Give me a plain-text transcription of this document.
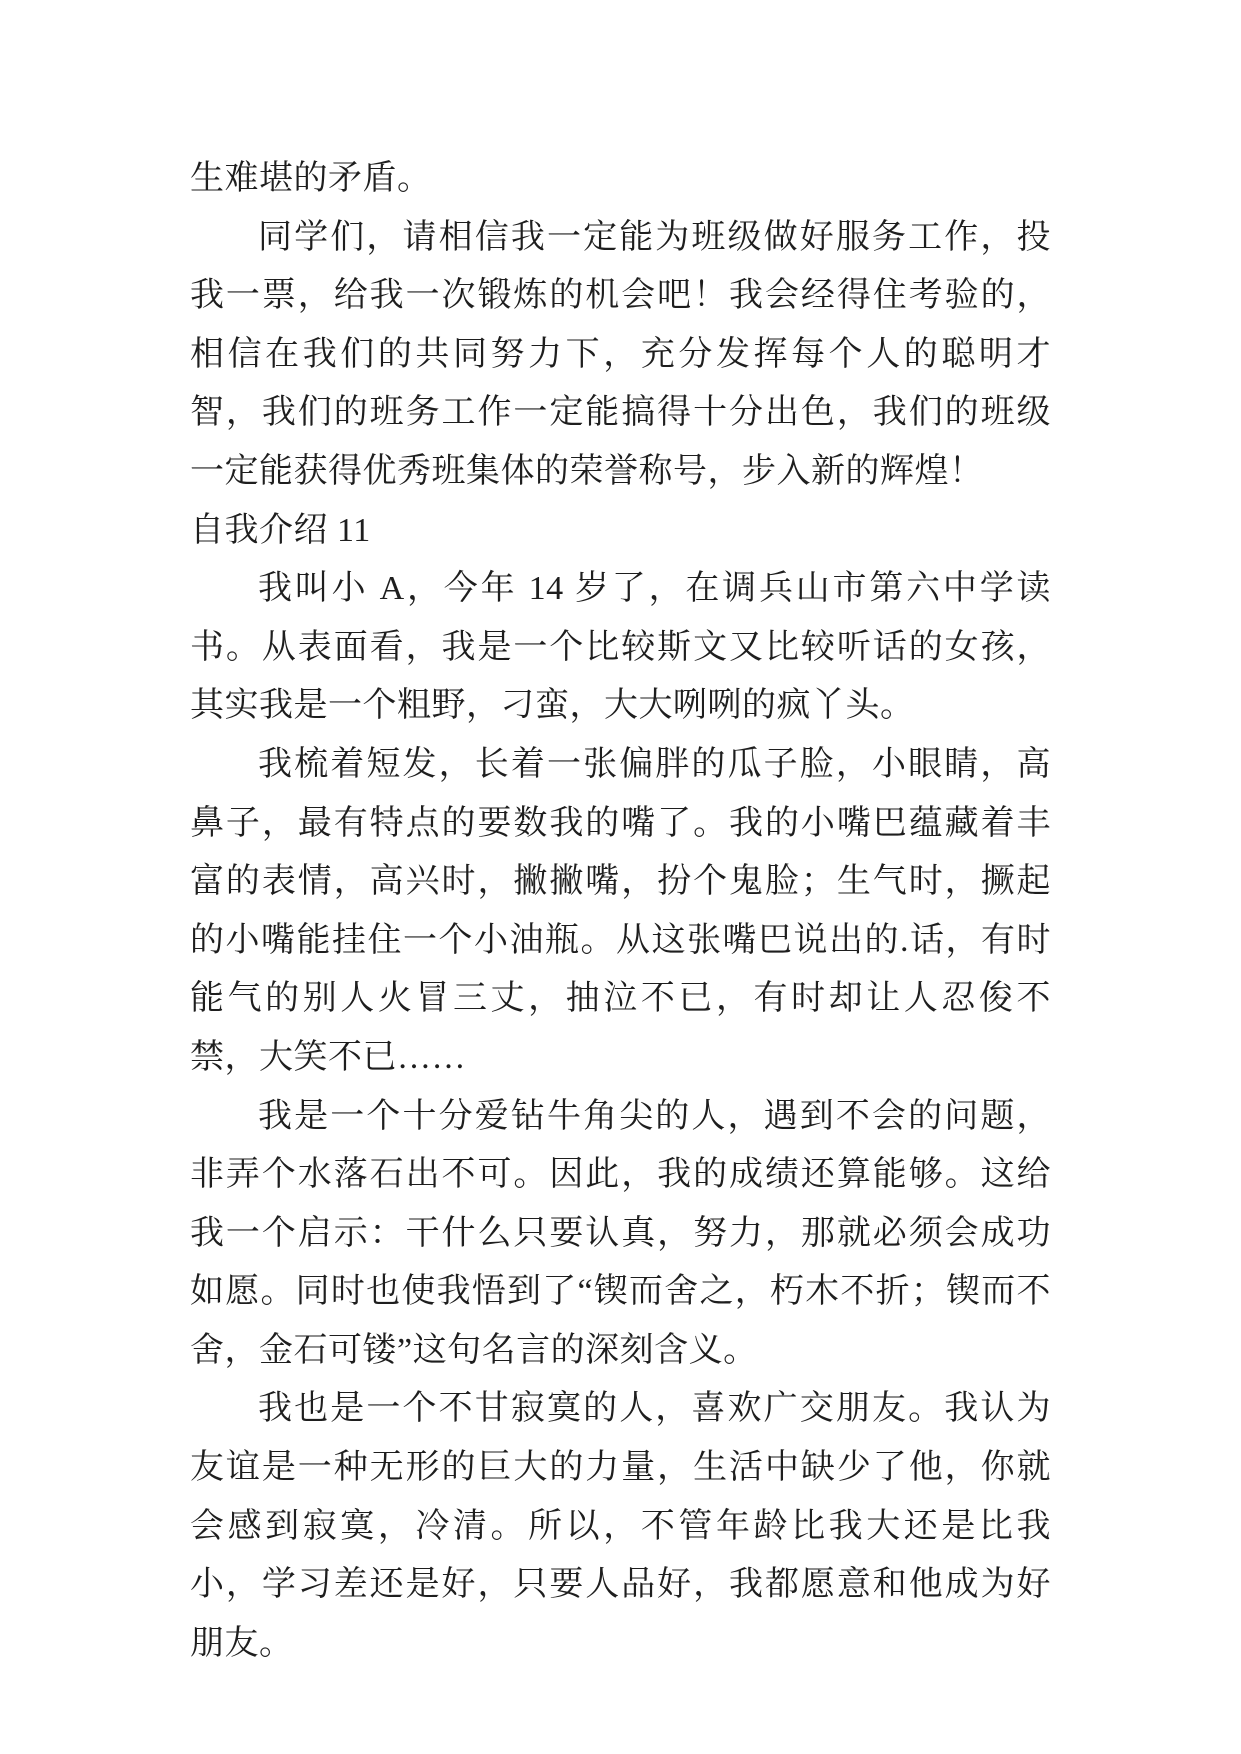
生难堪的矛盾。

同学们，请相信我一定能为班级做好服务工作，投我一票，给我一次锻炼的机会吧！我会经得住考验的，相信在我们的共同努力下，充分发挥每个人的聪明才智，我们的班务工作一定能搞得十分出色，我们的班级一定能获得优秀班集体的荣誉称号，步入新的辉煌！

自我介绍 11

我叫小 A，今年 14 岁了，在调兵山市第六中学读书。从表面看，我是一个比较斯文又比较听话的女孩，其实我是一个粗野，刁蛮，大大咧咧的疯丫头。

我梳着短发，长着一张偏胖的瓜子脸，小眼睛，高鼻子，最有特点的要数我的嘴了。我的小嘴巴蕴藏着丰富的表情，高兴时，撇撇嘴，扮个鬼脸；生气时，撅起的小嘴能挂住一个小油瓶。从这张嘴巴说出的.话，有时能气的别人火冒三丈，抽泣不已，有时却让人忍俊不禁，大笑不已……

我是一个十分爱钻牛角尖的人，遇到不会的问题，非弄个水落石出不可。因此，我的成绩还算能够。这给我一个启示：干什么只要认真，努力，那就必须会成功如愿。同时也使我悟到了“锲而舍之，朽木不折；锲而不舍，金石可镂”这句名言的深刻含义。

我也是一个不甘寂寞的人，喜欢广交朋友。我认为友谊是一种无形的巨大的力量，生活中缺少了他，你就会感到寂寞，冷清。所以，不管年龄比我大还是比我小，学习差还是好，只要人品好，我都愿意和他成为好朋友。
